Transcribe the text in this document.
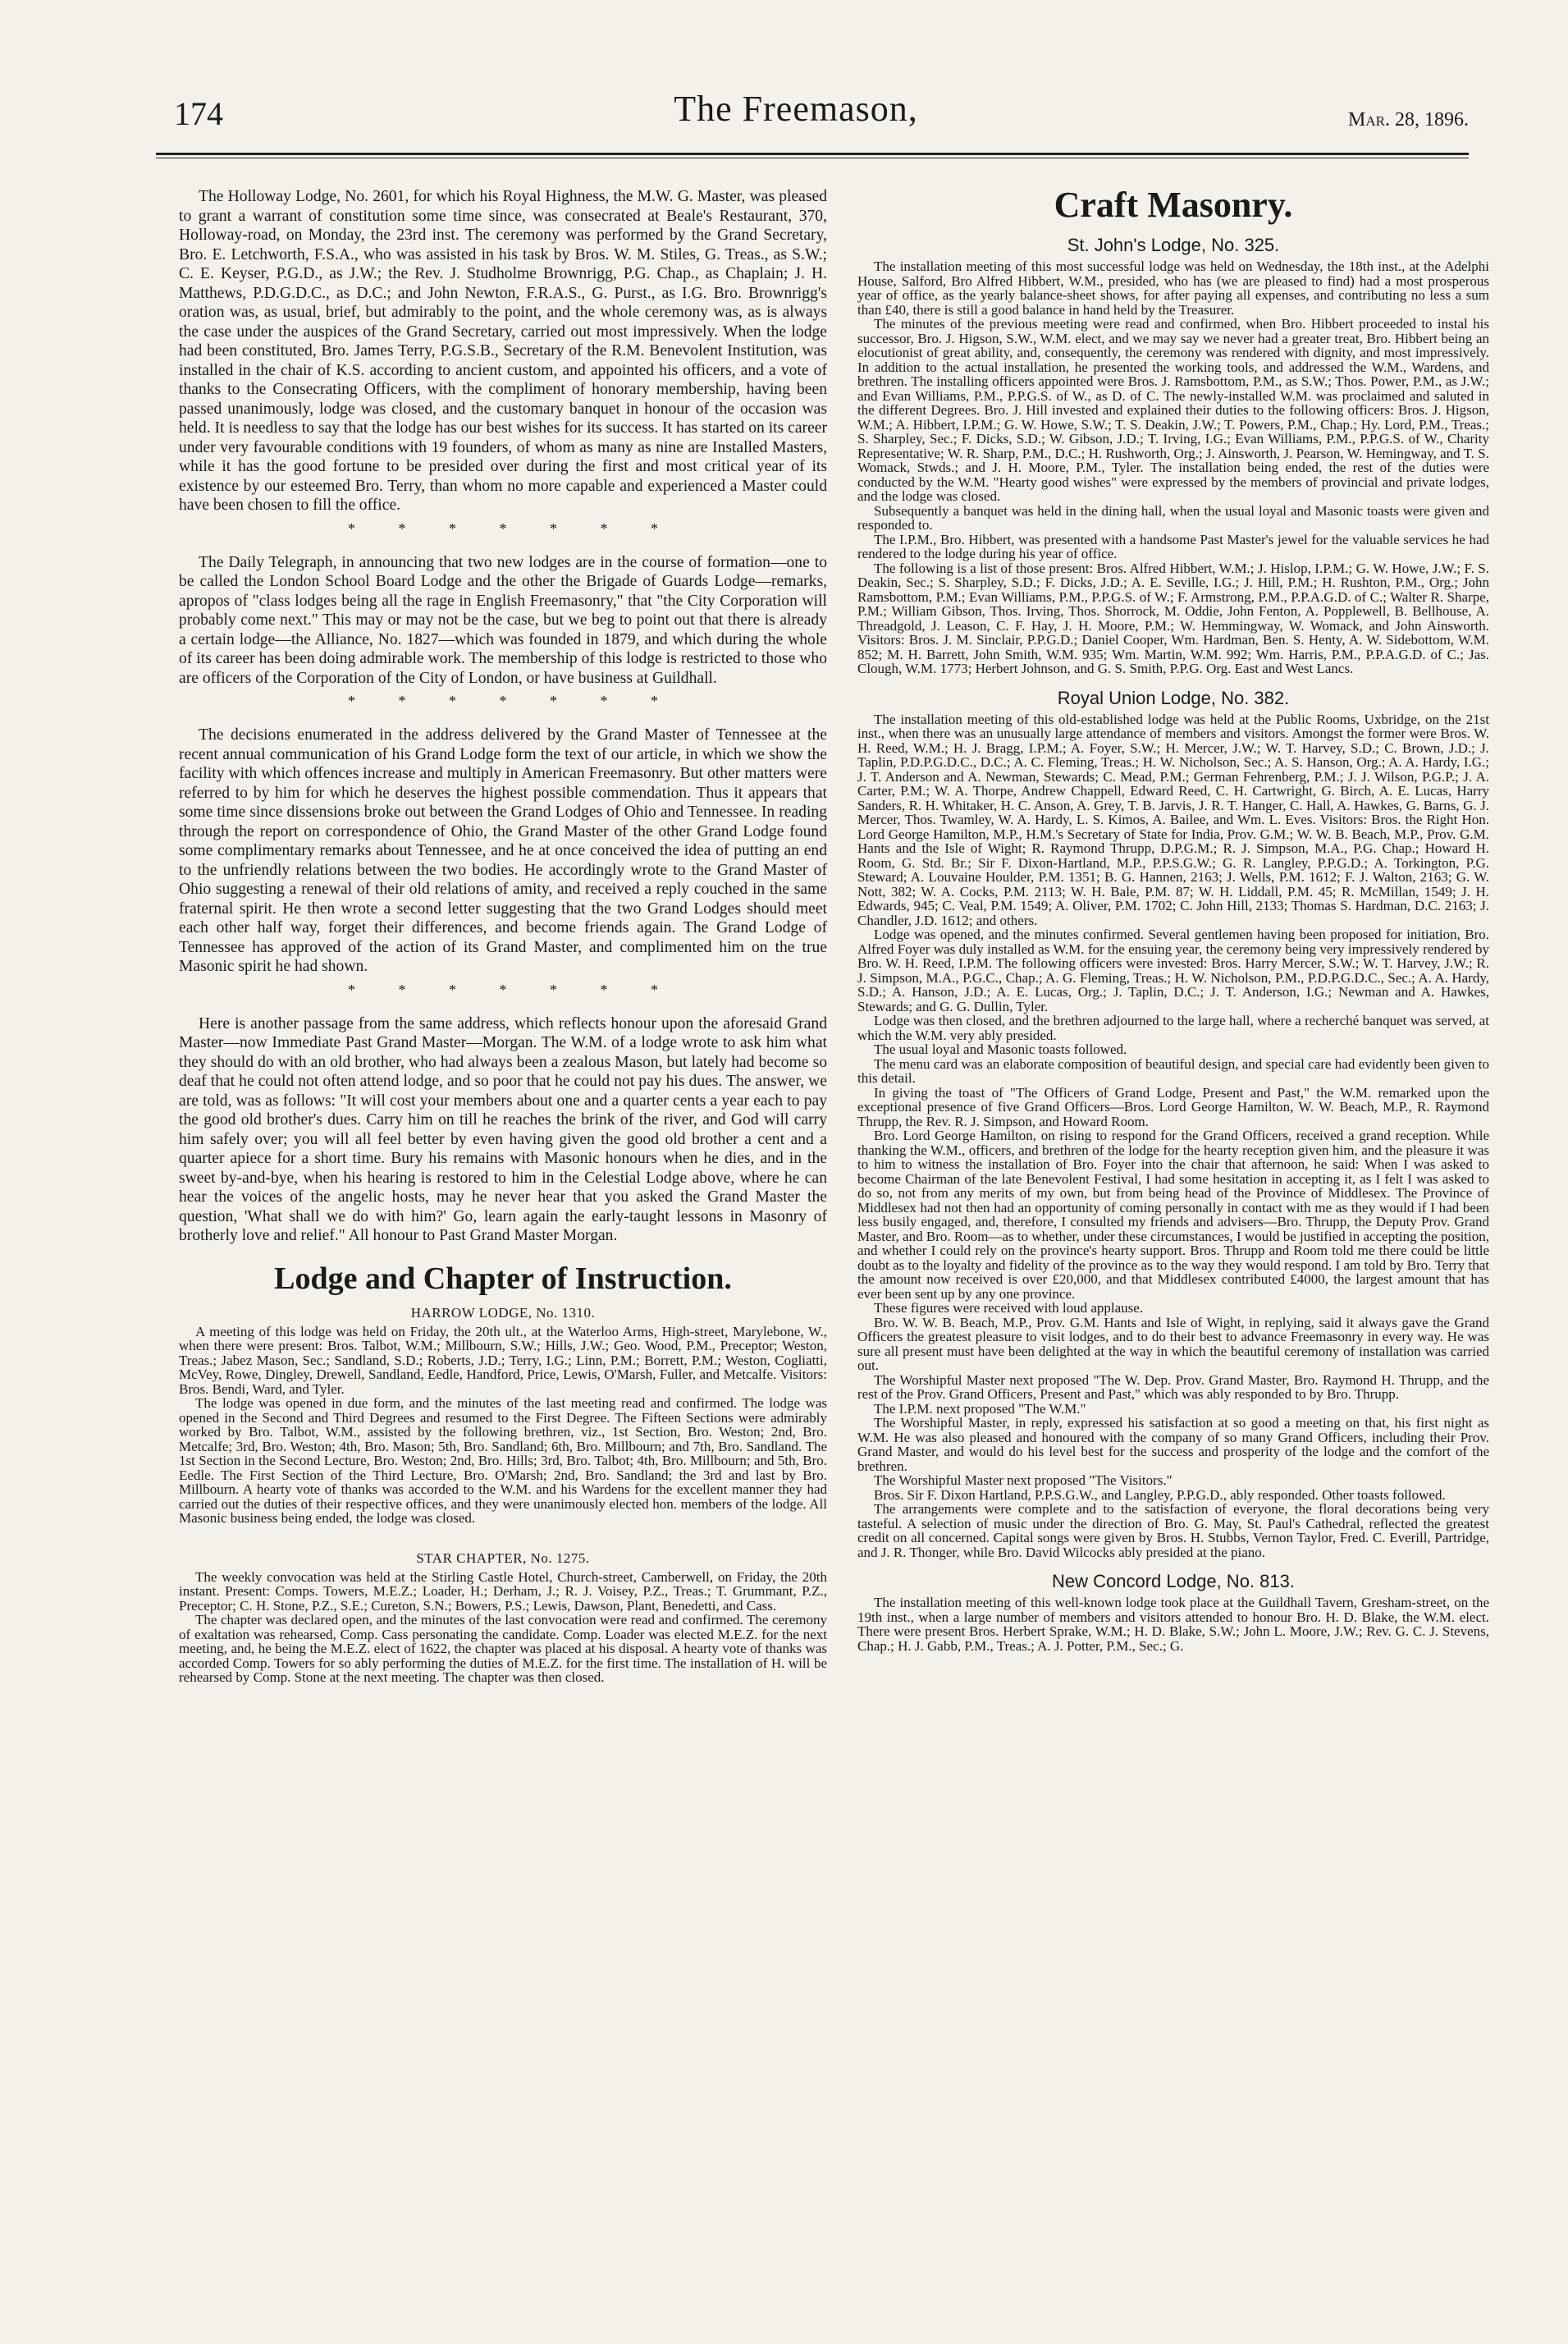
174	The Freemason,	Mar. 28, 1896.

The Holloway Lodge, No. 2601, for which his Royal Highness, the M.W. G. Master, was pleased to grant a warrant of constitution some time since, was consecrated at Beale's Restaurant, 370, Holloway-road, on Monday, the 23rd inst. The ceremony was performed by the Grand Secretary, Bro. E. Letchworth, F.S.A., who was assisted in his task by Bros. W. M. Stiles, G. Treas., as S.W.; C. E. Keyser, P.G.D., as J.W.; the Rev. J. Studholme Brownrigg, P.G. Chap., as Chaplain; J. H. Matthews, P.D.G.D.C., as D.C.; and John Newton, F.R.A.S., G. Purst., as I.G. Bro. Brownrigg's oration was, as usual, brief, but admirably to the point, and the whole ceremony was, as is always the case under the auspices of the Grand Secretary, carried out most impressively. When the lodge had been constituted, Bro. James Terry, P.G.S.B., Secretary of the R.M. Benevolent Institution, was installed in the chair of K.S. according to ancient custom, and appointed his officers, and a vote of thanks to the Consecrating Officers, with the compliment of honorary membership, having been passed unanimously, lodge was closed, and the customary banquet in honour of the occasion was held. It is needless to say that the lodge has our best wishes for its success. It has started on its career under very favourable conditions with 19 founders, of whom as many as nine are Installed Masters, while it has the good fortune to be presided over during the first and most critical year of its existence by our esteemed Bro. Terry, than whom no more capable and experienced a Master could have been chosen to fill the office.

* * * * * * *

The Daily Telegraph, in announcing that two new lodges are in the course of formation—one to be called the London School Board Lodge and the other the Brigade of Guards Lodge—remarks, apropos of "class lodges being all the rage in English Freemasonry," that "the City Corporation will probably come next." This may or may not be the case, but we beg to point out that there is already a certain lodge—the Alliance, No. 1827—which was founded in 1879, and which during the whole of its career has been doing admirable work. The membership of this lodge is restricted to those who are officers of the Corporation of the City of London, or have business at Guildhall.

* * * * * * *

The decisions enumerated in the address delivered by the Grand Master of Tennessee at the recent annual communication of his Grand Lodge form the text of our article, in which we show the facility with which offences increase and multiply in American Freemasonry. But other matters were referred to by him for which he deserves the highest possible commendation. Thus it appears that some time since dissensions broke out between the Grand Lodges of Ohio and Tennessee. In reading through the report on correspondence of Ohio, the Grand Master of the other Grand Lodge found some complimentary remarks about Tennessee, and he at once conceived the idea of putting an end to the unfriendly relations between the two bodies. He accordingly wrote to the Grand Master of Ohio suggesting a renewal of their old relations of amity, and received a reply couched in the same fraternal spirit. He then wrote a second letter suggesting that the two Grand Lodges should meet each other half way, forget their differences, and become friends again. The Grand Lodge of Tennessee has approved of the action of its Grand Master, and complimented him on the true Masonic spirit he had shown.

* * * * * * *

Here is another passage from the same address, which reflects honour upon the aforesaid Grand Master—now Immediate Past Grand Master—Morgan. The W.M. of a lodge wrote to ask him what they should do with an old brother, who had always been a zealous Mason, but lately had become so deaf that he could not often attend lodge, and so poor that he could not pay his dues. The answer, we are told, was as follows: "It will cost your members about one and a quarter cents a year each to pay the good old brother's dues. Carry him on till he reaches the brink of the river, and God will carry him safely over; you will all feel better by even having given the good old brother a cent and a quarter apiece for a short time. Bury his remains with Masonic honours when he dies, and in the sweet by-and-bye, when his hearing is restored to him in the Celestial Lodge above, where he can hear the voices of the angelic hosts, may he never hear that you asked the Grand Master the question, 'What shall we do with him?' Go, learn again the early-taught lessons in Masonry of brotherly love and relief." All honour to Past Grand Master Morgan.

Lodge and Chapter of Instruction.
HARROW LODGE, No. 1310.

A meeting of this lodge was held on Friday, the 20th ult., at the Waterloo Arms, High-street, Marylebone, W., when there were present: Bros. Talbot, W.M.; Millbourn, S.W.; Hills, J.W.; Geo. Wood, P.M., Preceptor; Weston, Treas.; Jabez Mason, Sec.; Sandland, S.D.; Roberts, J.D.; Terry, I.G.; Linn, P.M.; Borrett, P.M.; Weston, Cogliatti, McVey, Rowe, Dingley, Drewell, Sandland, Eedle, Handford, Price, Lewis, O'Marsh, Fuller, and Metcalfe. Visitors: Bros. Bendi, Ward, and Tyler.

The lodge was opened in due form, and the minutes of the last meeting read and confirmed. The lodge was opened in the Second and Third Degrees and resumed to the First Degree. The Fifteen Sections were admirably worked by Bro. Talbot, W.M., assisted by the following brethren, viz., 1st Section, Bro. Weston; 2nd, Bro. Metcalfe; 3rd, Bro. Weston; 4th, Bro. Mason; 5th, Bro. Sandland; 6th, Bro. Millbourn; and 7th, Bro. Sandland. The 1st Section in the Second Lecture, Bro. Weston; 2nd, Bro. Hills; 3rd, Bro. Talbot; 4th, Bro. Millbourn; and 5th, Bro. Eedle. The First Section of the Third Lecture, Bro. O'Marsh; 2nd, Bro. Sandland; the 3rd and last by Bro. Millbourn. A hearty vote of thanks was accorded to the W.M. and his Wardens for the excellent manner they had carried out the duties of their respective offices, and they were unanimously elected hon. members of the lodge. All Masonic business being ended, the lodge was closed.

STAR CHAPTER, No. 1275.

The weekly convocation was held at the Stirling Castle Hotel, Church-street, Camberwell, on Friday, the 20th instant. Present: Comps. Towers, M.E.Z.; Loader, H.; Derham, J.; R. J. Voisey, P.Z., Treas.; T. Grummant, P.Z., Preceptor; C. H. Stone, P.Z., S.E.; Cureton, S.N.; Bowers, P.S.; Lewis, Dawson, Plant, Benedetti, and Cass.

The chapter was declared open, and the minutes of the last convocation were read and confirmed. The ceremony of exaltation was rehearsed, Comp. Cass personating the candidate. Comp. Loader was elected M.E.Z. for the next meeting, and, he being the M.E.Z. elect of 1622, the chapter was placed at his disposal. A hearty vote of thanks was accorded Comp. Towers for so ably performing the duties of M.E.Z. for the first time. The installation of H. will be rehearsed by Comp. Stone at the next meeting. The chapter was then closed.

Craft Masonry.
St. John's Lodge, No. 325.

The installation meeting of this most successful lodge was held on Wednesday, the 18th inst., at the Adelphi House, Salford, Bro Alfred Hibbert, W.M., presided, who has (we are pleased to find) had a most prosperous year of office, as the yearly balance-sheet shows, for after paying all expenses, and contributing no less a sum than £40, there is still a good balance in hand held by the Treasurer.

The minutes of the previous meeting were read and confirmed, when Bro. Hibbert proceeded to instal his successor, Bro. J. Higson, S.W., W.M. elect, and we may say we never had a greater treat, Bro. Hibbert being an elocutionist of great ability, and, consequently, the ceremony was rendered with dignity, and most impressively. In addition to the actual installation, he presented the working tools, and addressed the W.M., Wardens, and brethren. The installing officers appointed were Bros. J. Ramsbottom, P.M., as S.W.; Thos. Power, P.M., as J.W.; and Evan Williams, P.M., P.P.G.S. of W., as D. of C. The newly-installed W.M. was proclaimed and saluted in the different Degrees. Bro. J. Hill invested and explained their duties to the following officers: Bros. J. Higson, W.M.; A. Hibbert, I.P.M.; G. W. Howe, S.W.; T. S. Deakin, J.W.; T. Powers, P.M., Chap.; Hy. Lord, P.M., Treas.; S. Sharpley, Sec.; F. Dicks, S.D.; W. Gibson, J.D.; T. Irving, I.G.; Evan Williams, P.M., P.P.G.S. of W., Charity Representative; W. R. Sharp, P.M., D.C.; H. Rushworth, Org.; J. Ainsworth, J. Pearson, W. Hemingway, and T. S. Womack, Stwds.; and J. H. Moore, P.M., Tyler. The installation being ended, the rest of the duties were conducted by the W.M. "Hearty good wishes" were expressed by the members of provincial and private lodges, and the lodge was closed.

Subsequently a banquet was held in the dining hall, when the usual loyal and Masonic toasts were given and responded to.

The I.P.M., Bro. Hibbert, was presented with a handsome Past Master's jewel for the valuable services he had rendered to the lodge during his year of office.

The following is a list of those present: Bros. Alfred Hibbert, W.M.; J. Hislop, I.P.M.; G. W. Howe, J.W.; F. S. Deakin, Sec.; S. Sharpley, S.D.; F. Dicks, J.D.; A. E. Seville, I.G.; J. Hill, P.M.; H. Rushton, P.M., Org.; John Ramsbottom, P.M.; Evan Williams, P.M., P.P.G.S. of W.; F. Armstrong, P.M., P.P.A.G.D. of C.; Walter R. Sharpe, P.M.; William Gibson, Thos. Irving, Thos. Shorrock, M. Oddie, John Fenton, A. Popplewell, B. Bellhouse, A. Threadgold, J. Leason, C. F. Hay, J. H. Moore, P.M.; W. Hemmingway, W. Womack, and John Ainsworth. Visitors: Bros. J. M. Sinclair, P.P.G.D.; Daniel Cooper, Wm. Hardman, Ben. S. Henty, A. W. Sidebottom, W.M. 852; M. H. Barrett, John Smith, W.M. 935; Wm. Martin, W.M. 992; Wm. Harris, P.M., P.P.A.G.D. of C.; Jas. Clough, W.M. 1773; Herbert Johnson, and G. S. Smith, P.P.G. Org. East and West Lancs.

Royal Union Lodge, No. 382.

The installation meeting of this old-established lodge was held at the Public Rooms, Uxbridge, on the 21st inst., when there was an unusually large attendance of members and visitors. Amongst the former were Bros. W. H. Reed, W.M.; H. J. Bragg, I.P.M.; A. Foyer, S.W.; H. Mercer, J.W.; W. T. Harvey, S.D.; C. Brown, J.D.; J. Taplin, P.D.P.G.D.C., D.C.; A. C. Fleming, Treas.; H. W. Nicholson, Sec.; A. S. Hanson, Org.; A. A. Hardy, I.G.; J. T. Anderson and A. Newman, Stewards; C. Mead, P.M.; German Fehrenberg, P.M.; J. J. Wilson, P.G.P.; J. A. Carter, P.M.; W. A. Thorpe, Andrew Chappell, Edward Reed, C. H. Cartwright, G. Birch, A. E. Lucas, Harry Sanders, R. H. Whitaker, H. C. Anson, A. Grey, T. B. Jarvis, J. R. T. Hanger, C. Hall, A. Hawkes, G. Barns, G. J. Mercer, Thos. Twamley, W. A. Hardy, L. S. Kimos, A. Bailee, and Wm. L. Eves. Visitors: Bros. the Right Hon. Lord George Hamilton, M.P., H.M.'s Secretary of State for India, Prov. G.M.; W. W. B. Beach, M.P., Prov. G.M. Hants and the Isle of Wight; R. Raymond Thrupp, D.P.G.M.; R. J. Simpson, M.A., P.G. Chap.; Howard H. Room, G. Std. Br.; Sir F. Dixon-Hartland, M.P., P.P.S.G.W.; G. R. Langley, P.P.G.D.; A. Torkington, P.G. Steward; A. Louvaine Houlder, P.M. 1351; B. G. Hannen, 2163; J. Wells, P.M. 1612; F. J. Walton, 2163; G. W. Nott, 382; W. A. Cocks, P.M. 2113; W. H. Bale, P.M. 87; W. H. Liddall, P.M. 45; R. McMillan, 1549; J. H. Edwards, 945; C. Veal, P.M. 1549; A. Oliver, P.M. 1702; C. John Hill, 2133; Thomas S. Hardman, D.C. 2163; J. Chandler, J.D. 1612; and others.

Lodge was opened, and the minutes confirmed. Several gentlemen having been proposed for initiation, Bro. Alfred Foyer was duly installed as W.M. for the ensuing year, the ceremony being very impressively rendered by Bro. W. H. Reed, I.P.M. The following officers were invested: Bros. Harry Mercer, S.W.; W. T. Harvey, J.W.; R. J. Simpson, M.A., P.G.C., Chap.; A. G. Fleming, Treas.; H. W. Nicholson, P.M., P.D.P.G.D.C., Sec.; A. A. Hardy, S.D.; A. Hanson, J.D.; A. E. Lucas, Org.; J. Taplin, D.C.; J. T. Anderson, I.G.; Newman and A. Hawkes, Stewards; and G. G. Dullin, Tyler.

Lodge was then closed, and the brethren adjourned to the large hall, where a recherché banquet was served, at which the W.M. very ably presided.

The usual loyal and Masonic toasts followed.

The menu card was an elaborate composition of beautiful design, and special care had evidently been given to this detail.

In giving the toast of "The Officers of Grand Lodge, Present and Past," the W.M. remarked upon the exceptional presence of five Grand Officers—Bros. Lord George Hamilton, W. W. Beach, M.P., R. Raymond Thrupp, the Rev. R. J. Simpson, and Howard Room.

Bro. Lord George Hamilton, on rising to respond for the Grand Officers, received a grand reception. While thanking the W.M., officers, and brethren of the lodge for the hearty reception given him, and the pleasure it was to him to witness the installation of Bro. Foyer into the chair that afternoon, he said: When I was asked to become Chairman of the late Benevolent Festival, I had some hesitation in accepting it, as I felt I was asked to do so, not from any merits of my own, but from being head of the Province of Middlesex. The Province of Middlesex had not then had an opportunity of coming personally in contact with me as they would if I had been less busily engaged, and, therefore, I consulted my friends and advisers—Bro. Thrupp, the Deputy Prov. Grand Master, and Bro. Room—as to whether, under these circumstances, I would be justified in accepting the position, and whether I could rely on the province's hearty support. Bros. Thrupp and Room told me there could be little doubt as to the loyalty and fidelity of the province as to the way they would respond. I am told by Bro. Terry that the amount now received is over £20,000, and that Middlesex contributed £4000, the largest amount that has ever been sent up by any one province.

These figures were received with loud applause.

Bro. W. W. B. Beach, M.P., Prov. G.M. Hants and Isle of Wight, in replying, said it always gave the Grand Officers the greatest pleasure to visit lodges, and to do their best to advance Freemasonry in every way. He was sure all present must have been delighted at the way in which the beautiful ceremony of installation was carried out.

The Worshipful Master next proposed "The W. Dep. Prov. Grand Master, Bro. Raymond H. Thrupp, and the rest of the Prov. Grand Officers, Present and Past," which was ably responded to by Bro. Thrupp.

The I.P.M. next proposed "The W.M."

The Worshipful Master, in reply, expressed his satisfaction at so good a meeting on that, his first night as W.M. He was also pleased and honoured with the company of so many Grand Officers, including their Prov. Grand Master, and would do his level best for the success and prosperity of the lodge and the comfort of the brethren.

The Worshipful Master next proposed "The Visitors."

Bros. Sir F. Dixon Hartland, P.P.S.G.W., and Langley, P.P.G.D., ably responded. Other toasts followed.

The arrangements were complete and to the satisfaction of everyone, the floral decorations being very tasteful. A selection of music under the direction of Bro. G. May, St. Paul's Cathedral, reflected the greatest credit on all concerned. Capital songs were given by Bros. H. Stubbs, Vernon Taylor, Fred. C. Everill, Partridge, and J. R. Thonger, while Bro. David Wilcocks ably presided at the piano.

New Concord Lodge, No. 813.

The installation meeting of this well-known lodge took place at the Guildhall Tavern, Gresham-street, on the 19th inst., when a large number of members and visitors attended to honour Bro. H. D. Blake, the W.M. elect. There were present Bros. Herbert Sprake, W.M.; H. D. Blake, S.W.; John L. Moore, J.W.; Rev. G. C. J. Stevens, Chap.; H. J. Gabb, P.M., Treas.; A. J. Potter, P.M., Sec.; G.
